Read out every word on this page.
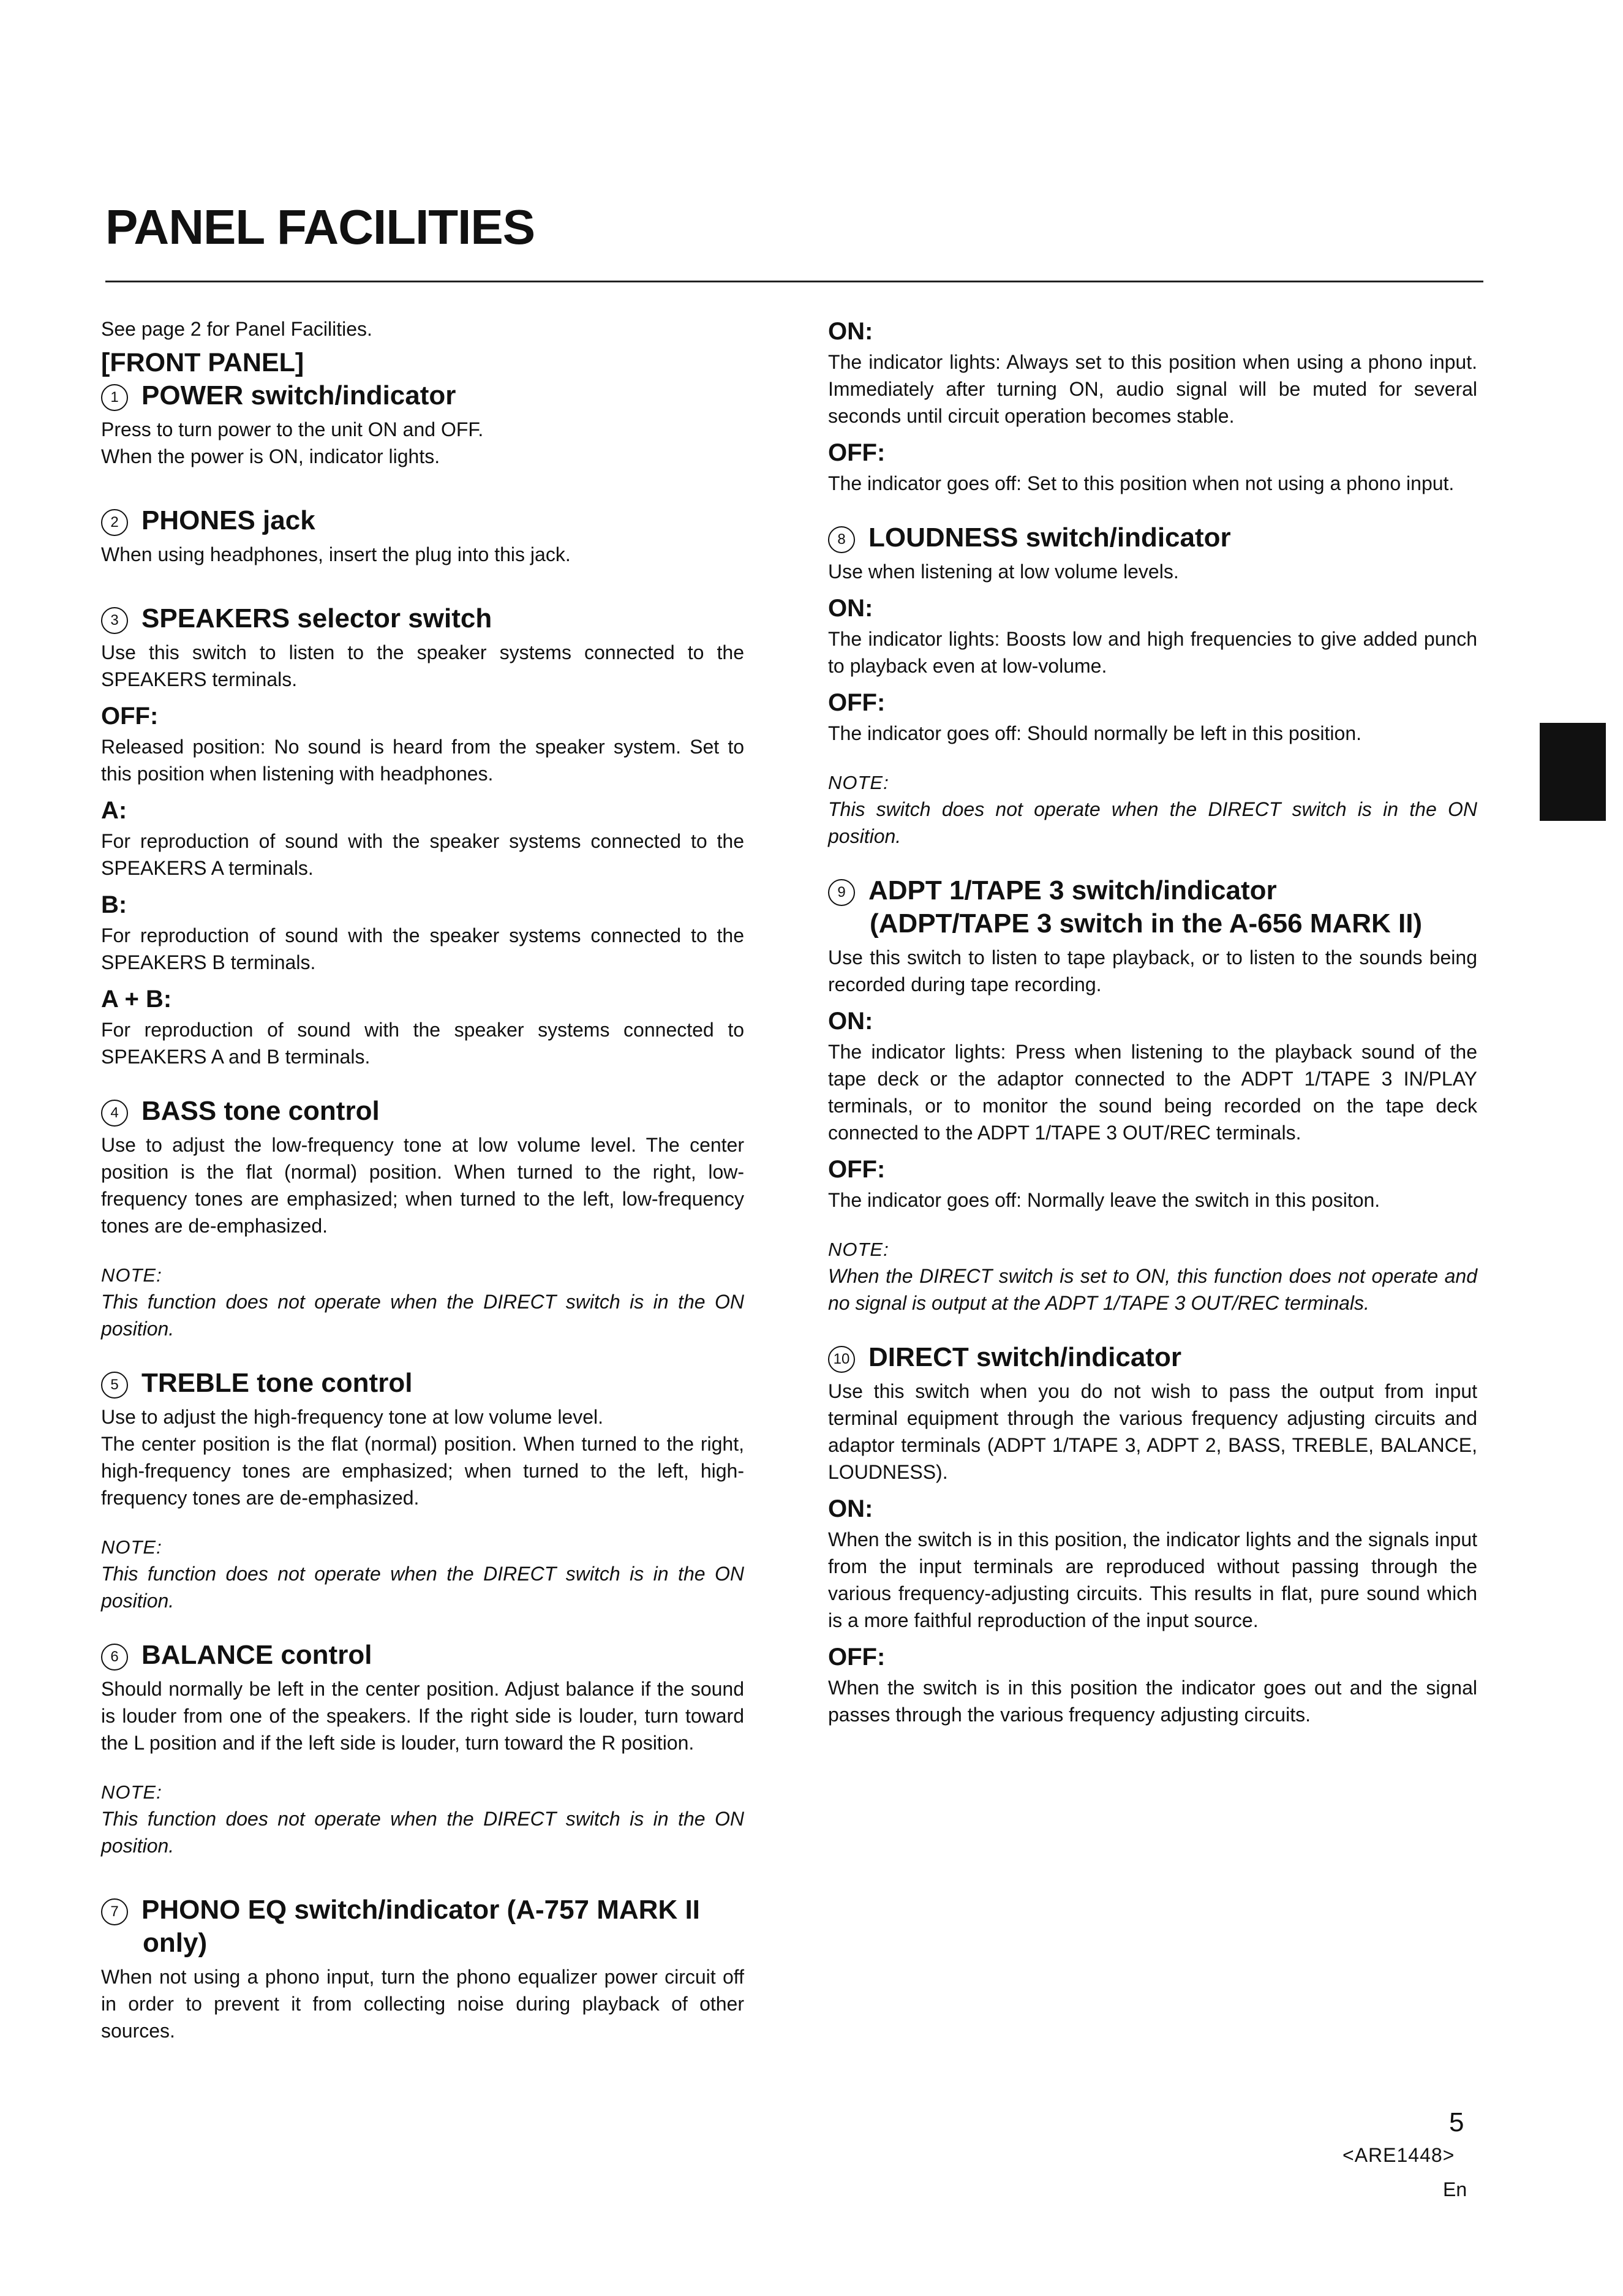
PANEL FACILITIES

See page 2 for Panel Facilities.

[FRONT PANEL]

1 POWER switch/indicator

Press to turn power to the unit ON and OFF.

When the power is ON, indicator lights.

2 PHONES jack

When using headphones, insert the plug into this jack.

3 SPEAKERS selector switch

Use this switch to listen to the speaker systems connected to the SPEAKERS terminals.

OFF:

Released position: No sound is heard from the speaker system. Set to this position when listening with headphones.

A:

For reproduction of sound with the speaker systems connected to the SPEAKERS A terminals.

B:

For reproduction of sound with the speaker systems connected to the SPEAKERS B terminals.

A + B:

For reproduction of sound with the speaker systems connected to SPEAKERS A and B terminals.

4 BASS tone control

Use to adjust the low-frequency tone at low volume level. The center position is the flat (normal) position. When turned to the right, low-frequency tones are emphasized; when turned to the left, low-frequency tones are de-emphasized.

NOTE:

This function does not operate when the DIRECT switch is in the ON position.

5 TREBLE tone control

Use to adjust the high-frequency tone at low volume level.

The center position is the flat (normal) position. When turned to the right, high-frequency tones are emphasized; when turned to the left, high-frequency tones are de-emphasized.

NOTE:

This function does not operate when the DIRECT switch is in the ON position.

6 BALANCE control

Should normally be left in the center position. Adjust balance if the sound is louder from one of the speakers. If the right side is louder, turn toward the L position and if the left side is louder, turn toward the R position.

NOTE:

This function does not operate when the DIRECT switch is in the ON position.

7 PHONO EQ switch/indicator (A-757 MARK II only)

When not using a phono input, turn the phono equalizer power circuit off in order to prevent it from collecting noise during playback of other sources.

ON:

The indicator lights: Always set to this position when using a phono input. Immediately after turning ON, audio signal will be muted for several seconds until circuit operation becomes stable.

OFF:

The indicator goes off: Set to this position when not using a phono input.

8 LOUDNESS switch/indicator

Use when listening at low volume levels.

ON:

The indicator lights: Boosts low and high frequencies to give added punch to playback even at low-volume.

OFF:

The indicator goes off: Should normally be left in this position.

NOTE:

This switch does not operate when the DIRECT switch is in the ON position.

9 ADPT 1/TAPE 3 switch/indicator
(ADPT/TAPE 3 switch in the A-656 MARK II)

Use this switch to listen to tape playback, or to listen to the sounds being recorded during tape recording.

ON:

The indicator lights: Press when listening to the playback sound of the tape deck or the adaptor connected to the ADPT 1/TAPE 3 IN/PLAY terminals, or to monitor the sound being recorded on the tape deck connected to the ADPT 1/TAPE 3 OUT/REC terminals.

OFF:

The indicator goes off: Normally leave the switch in this positon.

NOTE:

When the DIRECT switch is set to ON, this function does not operate and no signal is output at the ADPT 1/TAPE 3 OUT/REC terminals.

10 DIRECT switch/indicator

Use this switch when you do not wish to pass the output from input terminal equipment through the various frequency adjusting circuits and adaptor terminals (ADPT 1/TAPE 3, ADPT 2, BASS, TREBLE, BALANCE, LOUDNESS).

ON:

When the switch is in this position, the indicator lights and the signals input from the input terminals are reproduced without passing through the various frequency-adjusting circuits. This results in flat, pure sound which is a more faithful reproduction of the input source.

OFF:

When the switch is in this position the indicator goes out and the signal passes through the various frequency adjusting circuits.

5
<ARE1448>
En
